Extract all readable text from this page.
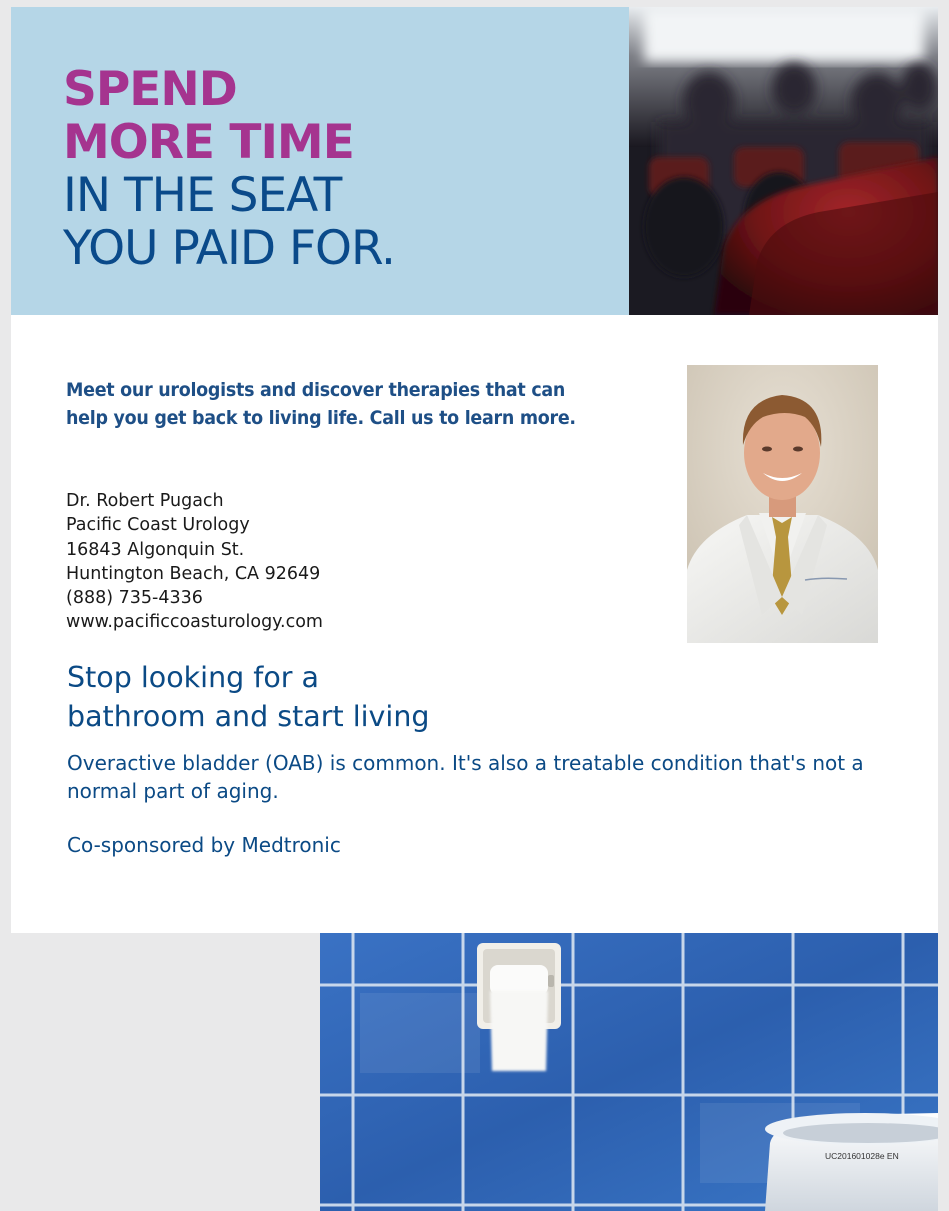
SPEND
MORE TIME
IN THE SEAT
YOU PAID FOR.

Meet our urologists and discover therapies that can help you get back to living life. Call us to learn more.

Dr. Robert Pugach
Pacific Coast Urology
16843 Algonquin St.
Huntington Beach, CA 92649
(888) 735-4336
www.pacificcoasturology.com
Stop looking for a
bathroom and start living

Overactive bladder (OAB) is common. It's also a treatable condition that's not a normal part of aging.

Co-sponsored by Medtronic

UC201601028e EN
